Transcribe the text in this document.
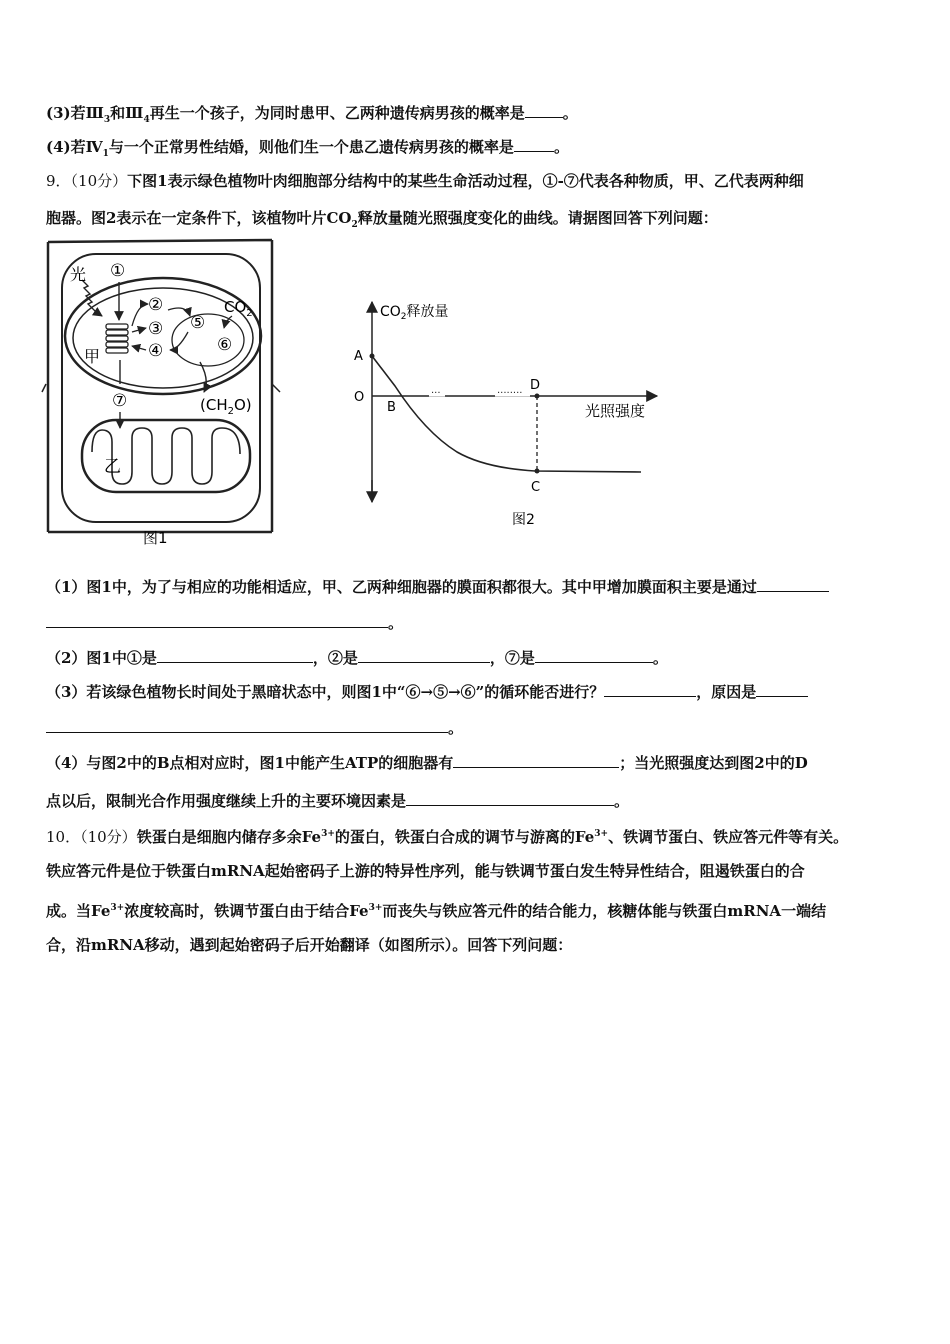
(3)若$Ⅲ_3$和$Ⅲ_4$再生一个孩子，为同时患甲、乙两种遗传病男孩的概率是	。
(4)若$Ⅳ_1$与一个正常男性结婚，则他们生一个患乙遗传病男孩的概率是	。
9．（10分）下图1表示绿色植物叶肉细胞部分结构中的某些生命活动过程，①-⑦代表各种物质，甲、乙代表两种细
胞器。图2表示在一定条件下，该植物叶片$CO_2$释放量随光照强度变化的曲线。请据图回答下列问题：
光 ①
②
③
④
⑤
⑥
$CO_2$
甲
$(CH_2O)$
⑦
乙
图1
···	········
$CO_2$释放量
光照强度
A
O
B
D
C
图2
（1）图1中，为了与相应的功能相适应，甲、乙两种细胞器的膜面积都很大。其中甲增加膜面积主要是通过
。
（2）图1中①是	，②是	，⑦是	。
（3）若该绿色植物长时间处于黑暗状态中，则图1中“⑥→⑤→⑥”的循环能否进行？	，原因是
。
（4）与图2中的B点相对应时，图1中能产生ATP的细胞器有	；当光照强度达到图2中的D
点以后，限制光合作用强度继续上升的主要环境因素是	。
10．（10分）铁蛋白是细胞内储存多余$Fe^{3+}$的蛋白，铁蛋白合成的调节与游离的$Fe^{3+}$、铁调节蛋白、铁应答元件等有关。
铁应答元件是位于铁蛋白mRNA起始密码子上游的特异性序列，能与铁调节蛋白发生特异性结合，阻遏铁蛋白的合
成。当$Fe^{3+}$浓度较高时，铁调节蛋白由于结合$Fe^{3+}$而丧失与铁应答元件的结合能力，核糖体能与铁蛋白mRNA一端结
合，沿mRNA移动，遇到起始密码子后开始翻译（如图所示）。回答下列问题：
